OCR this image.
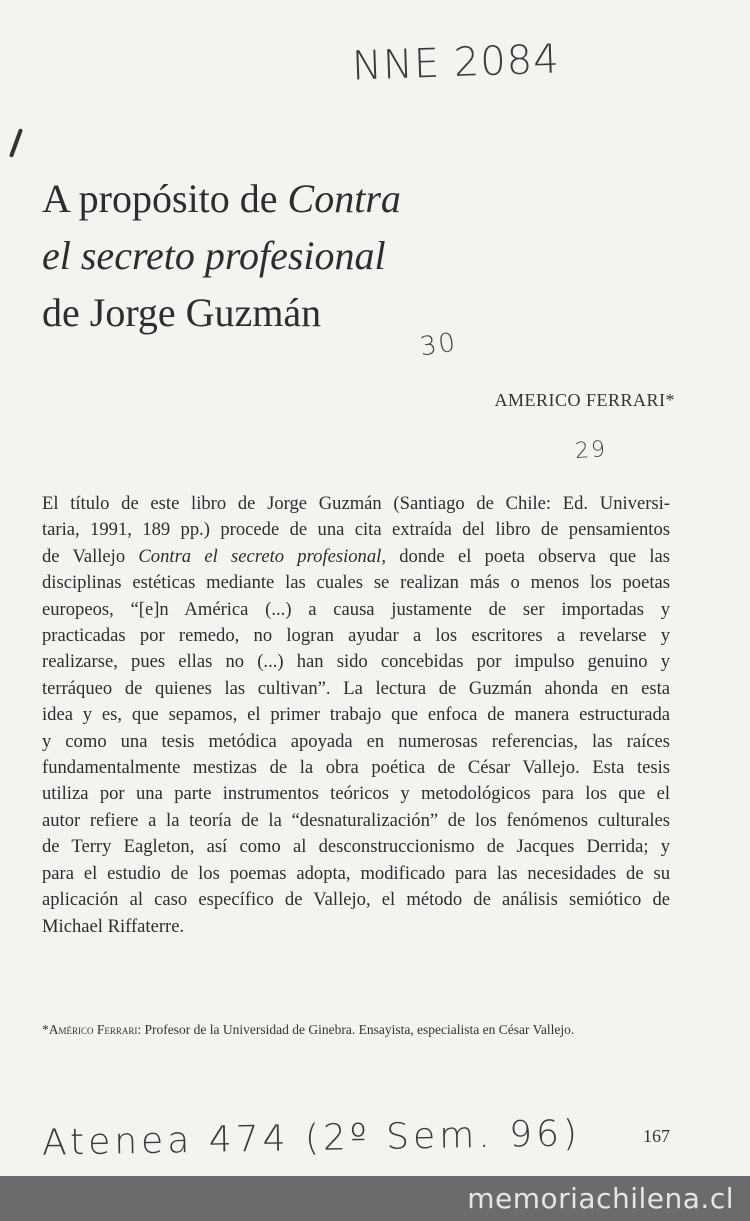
NNE 2084
A propósito de Contra
el secreto profesional
de Jorge Guzmán
30
AMERICO FERRARI*
29
El título de este libro de Jorge Guzmán (Santiago de Chile: Ed. Universi-
taria, 1991, 189 pp.) procede de una cita extraída del libro de pensamientos
de Vallejo Contra el secreto profesional, donde el poeta observa que las
disciplinas estéticas mediante las cuales se realizan más o menos los poetas
europeos, “[e]n América (...) a causa justamente de ser importadas y
practicadas por remedo, no logran ayudar a los escritores a revelarse y
realizarse, pues ellas no (...) han sido concebidas por impulso genuino y
terráqueo de quienes las cultivan”. La lectura de Guzmán ahonda en esta
idea y es, que sepamos, el primer trabajo que enfoca de manera estructurada
y como una tesis metódica apoyada en numerosas referencias, las raíces
fundamentalmente mestizas de la obra poética de César Vallejo. Esta tesis
utiliza por una parte instrumentos teóricos y metodológicos para los que el
autor refiere a la teoría de la “desnaturalización” de los fenómenos culturales
de Terry Eagleton, así como al desconstruccionismo de Jacques Derrida; y
para el estudio de los poemas adopta, modificado para las necesidades de su
aplicación al caso específico de Vallejo, el método de análisis semiótico de
Michael Riffaterre.
*Américo Ferrari: Profesor de la Universidad de Ginebra. Ensayista, especialista en César Vallejo.
Atenea 474 (2º Sem. 96)	167
memoriachilena.cl
